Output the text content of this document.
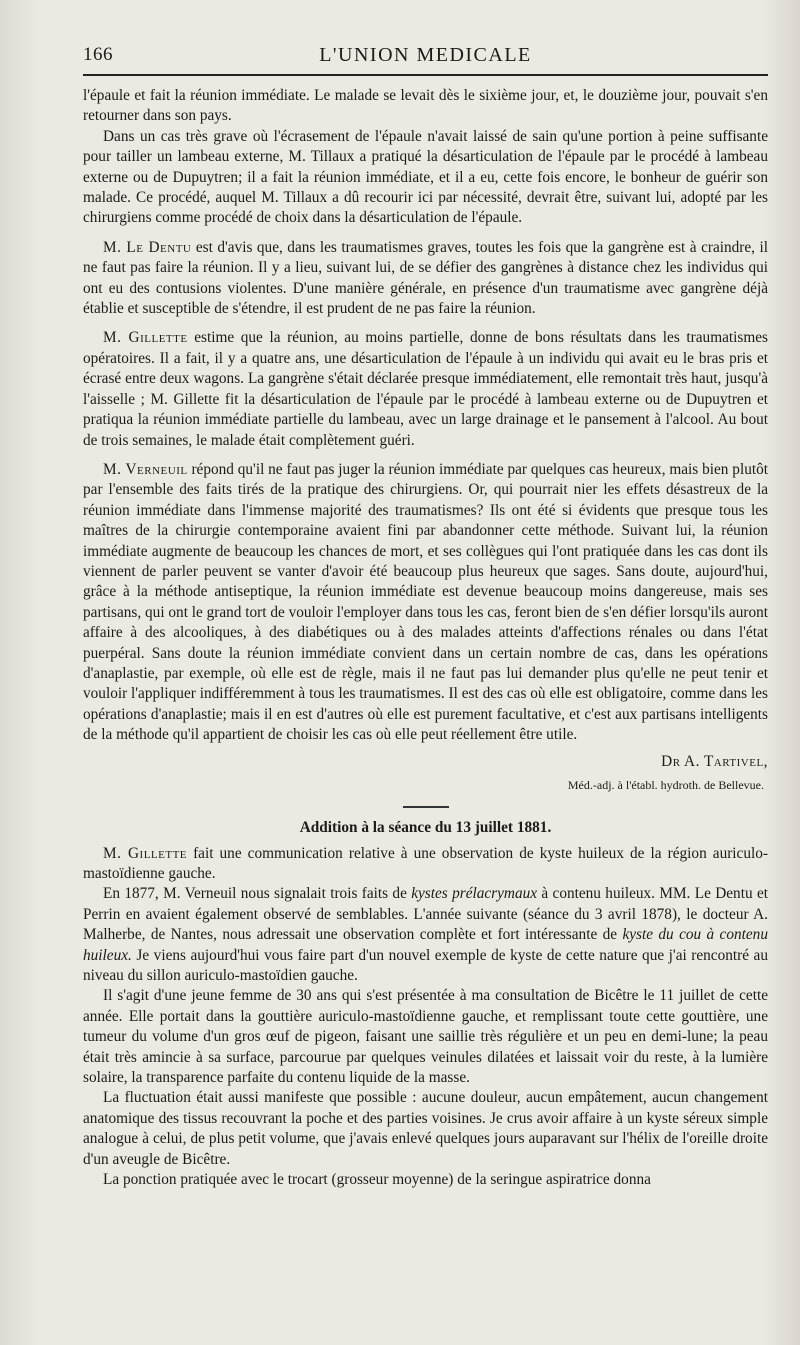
166	L'UNION MEDICALE

l'épaule et fait la réunion immédiate. Le malade se levait dès le sixième jour, et, le douzième jour, pouvait s'en retourner dans son pays.

Dans un cas très grave où l'écrasement de l'épaule n'avait laissé de sain qu'une portion à peine suffisante pour tailler un lambeau externe, M. Tillaux a pratiqué la désarticulation de l'épaule par le procédé à lambeau externe ou de Dupuytren; il a fait la réunion immédiate, et il a eu, cette fois encore, le bonheur de guérir son malade. Ce procédé, auquel M. Tillaux a dû recourir ici par nécessité, devrait être, suivant lui, adopté par les chirurgiens comme procédé de choix dans la désarticulation de l'épaule.

M. Le Dentu est d'avis que, dans les traumatismes graves, toutes les fois que la gangrène est à craindre, il ne faut pas faire la réunion. Il y a lieu, suivant lui, de se défier des gangrènes à distance chez les individus qui ont eu des contusions violentes. D'une manière générale, en présence d'un traumatisme avec gangrène déjà établie et susceptible de s'étendre, il est prudent de ne pas faire la réunion.

M. Gillette estime que la réunion, au moins partielle, donne de bons résultats dans les traumatismes opératoires. Il a fait, il y a quatre ans, une désarticulation de l'épaule à un individu qui avait eu le bras pris et écrasé entre deux wagons. La gangrène s'était déclarée presque immédiatement, elle remontait très haut, jusqu'à l'aisselle ; M. Gillette fit la désarticulation de l'épaule par le procédé à lambeau externe ou de Dupuytren et pratiqua la réunion immédiate partielle du lambeau, avec un large drainage et le pansement à l'alcool. Au bout de trois semaines, le malade était complètement guéri.

M. Verneuil répond qu'il ne faut pas juger la réunion immédiate par quelques cas heureux, mais bien plutôt par l'ensemble des faits tirés de la pratique des chirurgiens. Or, qui pourrait nier les effets désastreux de la réunion immédiate dans l'immense majorité des traumatismes? Ils ont été si évidents que presque tous les maîtres de la chirurgie contemporaine avaient fini par abandonner cette méthode. Suivant lui, la réunion immédiate augmente de beaucoup les chances de mort, et ses collègues qui l'ont pratiquée dans les cas dont ils viennent de parler peuvent se vanter d'avoir été beaucoup plus heureux que sages. Sans doute, aujourd'hui, grâce à la méthode antiseptique, la réunion immédiate est devenue beaucoup moins dangereuse, mais ses partisans, qui ont le grand tort de vouloir l'employer dans tous les cas, feront bien de s'en défier lorsqu'ils auront affaire à des alcooliques, à des diabétiques ou à des malades atteints d'affections rénales ou dans l'état puerpéral. Sans doute la réunion immédiate convient dans un certain nombre de cas, dans les opérations d'anaplastie, par exemple, où elle est de règle, mais il ne faut pas lui demander plus qu'elle ne peut tenir et vouloir l'appliquer indifféremment à tous les traumatismes. Il est des cas où elle est obligatoire, comme dans les opérations d'anaplastie; mais il en est d'autres où elle est purement facultative, et c'est aux partisans intelligents de la méthode qu'il appartient de choisir les cas où elle peut réellement être utile.

Dr A. Tartivel,
Méd.-adj. à l'établ. hydroth. de Bellevue.
Addition à la séance du 13 juillet 1881.

M. Gillette fait une communication relative à une observation de kyste huileux de la région auriculo-mastoïdienne gauche.

En 1877, M. Verneuil nous signalait trois faits de kystes prélacrymaux à contenu huileux. MM. Le Dentu et Perrin en avaient également observé de semblables. L'année suivante (séance du 3 avril 1878), le docteur A. Malherbe, de Nantes, nous adressait une observation complète et fort intéressante de kyste du cou à contenu huileux. Je viens aujourd'hui vous faire part d'un nouvel exemple de kyste de cette nature que j'ai rencontré au niveau du sillon auriculo-mastoïdien gauche.

Il s'agit d'une jeune femme de 30 ans qui s'est présentée à ma consultation de Bicêtre le 11 juillet de cette année. Elle portait dans la gouttière auriculo-mastoïdienne gauche, et remplissant toute cette gouttière, une tumeur du volume d'un gros œuf de pigeon, faisant une saillie très régulière et un peu en demi-lune; la peau était très amincie à sa surface, parcourue par quelques veinules dilatées et laissait voir du reste, à la lumière solaire, la transparence parfaite du contenu liquide de la masse.

La fluctuation était aussi manifeste que possible : aucune douleur, aucun empâtement, aucun changement anatomique des tissus recouvrant la poche et des parties voisines. Je crus avoir affaire à un kyste séreux simple analogue à celui, de plus petit volume, que j'avais enlevé quelques jours auparavant sur l'hélix de l'oreille droite d'un aveugle de Bicêtre.

La ponction pratiquée avec le trocart (grosseur moyenne) de la seringue aspiratrice donna
